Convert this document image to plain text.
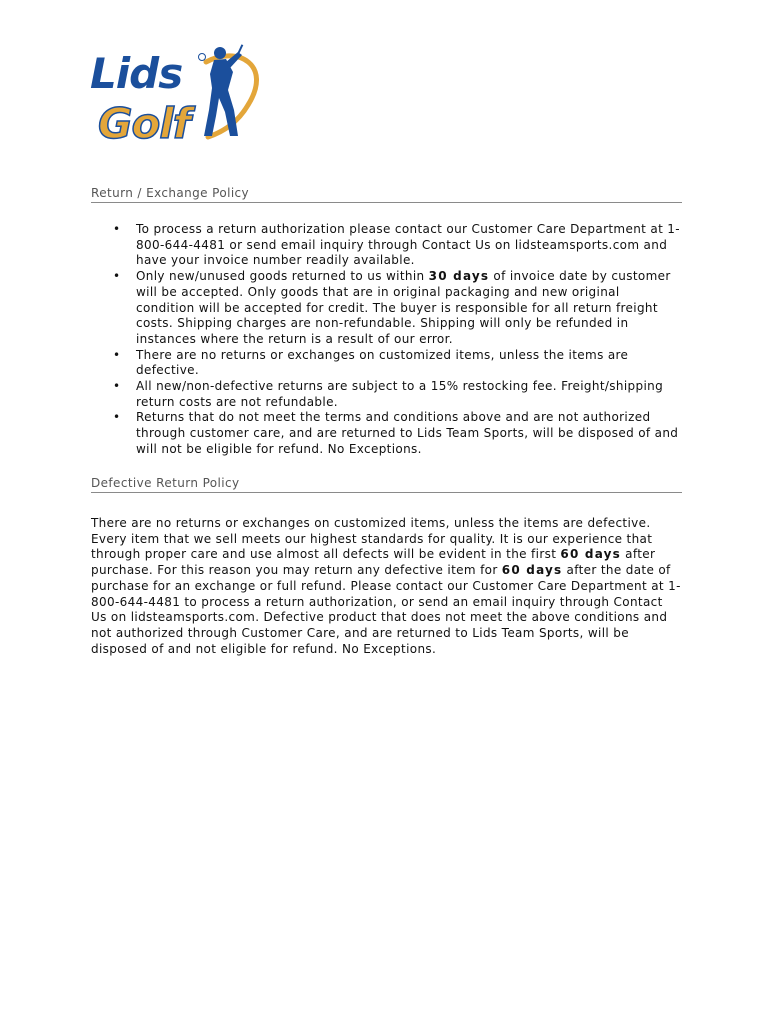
Lids
Golf
Return / Exchange Policy
• To process a return authorization please contact our Customer Care Department at 1-800-644-4481 or send email inquiry through Contact Us on lidsteamsports.com and have your invoice number readily available.
• Only new/unused goods returned to us within 30 days of invoice date by customer will be accepted. Only goods that are in original packaging and new original condition will be accepted for credit. The buyer is responsible for all return freight costs. Shipping charges are non-refundable. Shipping will only be refunded in instances where the return is a result of our error.
• There are no returns or exchanges on customized items, unless the items are defective.
• All new/non-defective returns are subject to a 15% restocking fee. Freight/shipping return costs are not refundable.
• Returns that do not meet the terms and conditions above and are not authorized through customer care, and are returned to Lids Team Sports, will be disposed of and will not be eligible for refund. No Exceptions.
Defective Return Policy

There are no returns or exchanges on customized items, unless the items are defective. Every item that we sell meets our highest standards for quality. It is our experience that through proper care and use almost all defects will be evident in the first 60 days after purchase. For this reason you may return any defective item for 60 days after the date of purchase for an exchange or full refund. Please contact our Customer Care Department at 1-800-644-4481 to process a return authorization, or send an email inquiry through Contact Us on lidsteamsports.com. Defective product that does not meet the above conditions and not authorized through Customer Care, and are returned to Lids Team Sports, will be disposed of and not eligible for refund. No Exceptions.
